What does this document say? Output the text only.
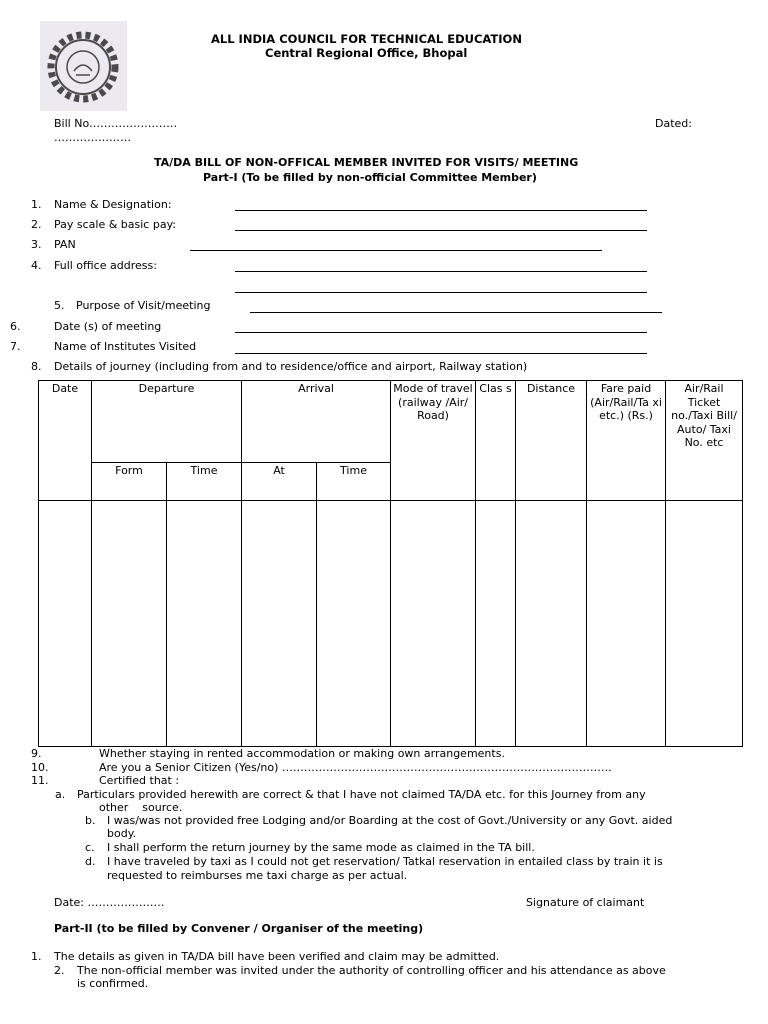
ALL INDIA COUNCIL FOR TECHNICAL EDUCATION
Central Regional Office, Bhopal
Bill No……………………
…………………
Dated:
TA/DA BILL OF NON-OFFICAL MEMBER INVITED FOR VISITS/ MEETING
Part-I (To be filled by non-official Committee Member)
1. Name & Designation:
2. Pay scale & basic pay:
3. PAN
4. Full office address:
5. Purpose of Visit/meeting
6.	Date (s) of meeting
7.	Name of Institutes Visited
8. Details of journey (including from and to residence/office and airport, Railway station)
Date	Departure		Arrival		Mode of travel (railway /Air/ Road)	Clas s	Distance	Fare paid (Air/Rail/Ta xi etc.) (Rs.)	Air/Rail Ticket no./Taxi Bill/ Auto/ Taxi No. etc
	Form	Time	At	Time					

9.	Whether staying in rented accommodation or making own arrangements.
10.	Are you a Senior Citizen (Yes/no) ………………………………………………………………………………
11.	Certified that :
a. Particulars provided herewith are correct & that I have not claimed TA/DA etc. for this Journey from any
other    source.
b. I was/was not provided free Lodging and/or Boarding at the cost of Govt./University or any Govt. aided
body.
c. I shall perform the return journey by the same mode as claimed in the TA bill.
d. I have traveled by taxi as I could not get reservation/ Tatkal reservation in entailed class by train it is
requested to reimburses me taxi charge as per actual.
Date: …………………	Signature of claimant
Part-II (to be filled by Convener / Organiser of the meeting)
1. The details as given in TA/DA bill have been verified and claim may be admitted.
2. The non-official member was invited under the authority of controlling officer and his attendance as above
is confirmed.
